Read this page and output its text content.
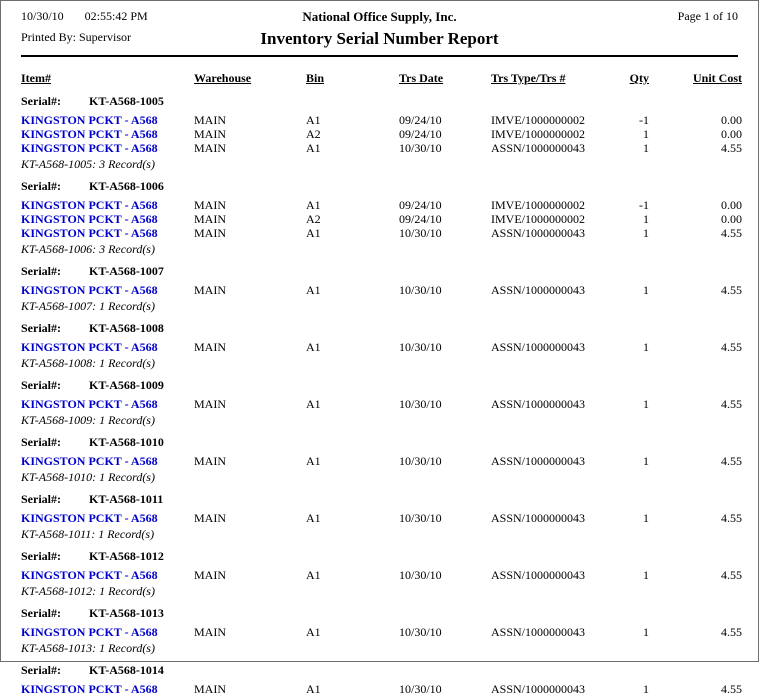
10/30/10 02:55:42 PM
Printed By: Supervisor
National Office Supply, Inc.
Inventory Serial Number Report
Page 1 of 10
Item#	Warehouse	Bin	Trs Date	Trs Type/Trs #	Qty	Unit Cost
Serial#: KT-A568-1005
KINGSTON PCKT - A568	MAIN	A1	09/24/10	IMVE/1000000002	-1	0.00
KINGSTON PCKT - A568	MAIN	A2	09/24/10	IMVE/1000000002	1	0.00
KINGSTON PCKT - A568	MAIN	A1	10/30/10	ASSN/1000000043	1	4.55
KT-A568-1005: 3 Record(s)
Serial#: KT-A568-1006
KINGSTON PCKT - A568	MAIN	A1	09/24/10	IMVE/1000000002	-1	0.00
KINGSTON PCKT - A568	MAIN	A2	09/24/10	IMVE/1000000002	1	0.00
KINGSTON PCKT - A568	MAIN	A1	10/30/10	ASSN/1000000043	1	4.55
KT-A568-1006: 3 Record(s)
Serial#: KT-A568-1007
KINGSTON PCKT - A568	MAIN	A1	10/30/10	ASSN/1000000043	1	4.55
KT-A568-1007: 1 Record(s)
Serial#: KT-A568-1008
KINGSTON PCKT - A568	MAIN	A1	10/30/10	ASSN/1000000043	1	4.55
KT-A568-1008: 1 Record(s)
Serial#: KT-A568-1009
KINGSTON PCKT - A568	MAIN	A1	10/30/10	ASSN/1000000043	1	4.55
KT-A568-1009: 1 Record(s)
Serial#: KT-A568-1010
KINGSTON PCKT - A568	MAIN	A1	10/30/10	ASSN/1000000043	1	4.55
KT-A568-1010: 1 Record(s)
Serial#: KT-A568-1011
KINGSTON PCKT - A568	MAIN	A1	10/30/10	ASSN/1000000043	1	4.55
KT-A568-1011: 1 Record(s)
Serial#: KT-A568-1012
KINGSTON PCKT - A568	MAIN	A1	10/30/10	ASSN/1000000043	1	4.55
KT-A568-1012: 1 Record(s)
Serial#: KT-A568-1013
KINGSTON PCKT - A568	MAIN	A1	10/30/10	ASSN/1000000043	1	4.55
KT-A568-1013: 1 Record(s)
Serial#: KT-A568-1014
KINGSTON PCKT - A568	MAIN	A1	10/30/10	ASSN/1000000043	1	4.55
